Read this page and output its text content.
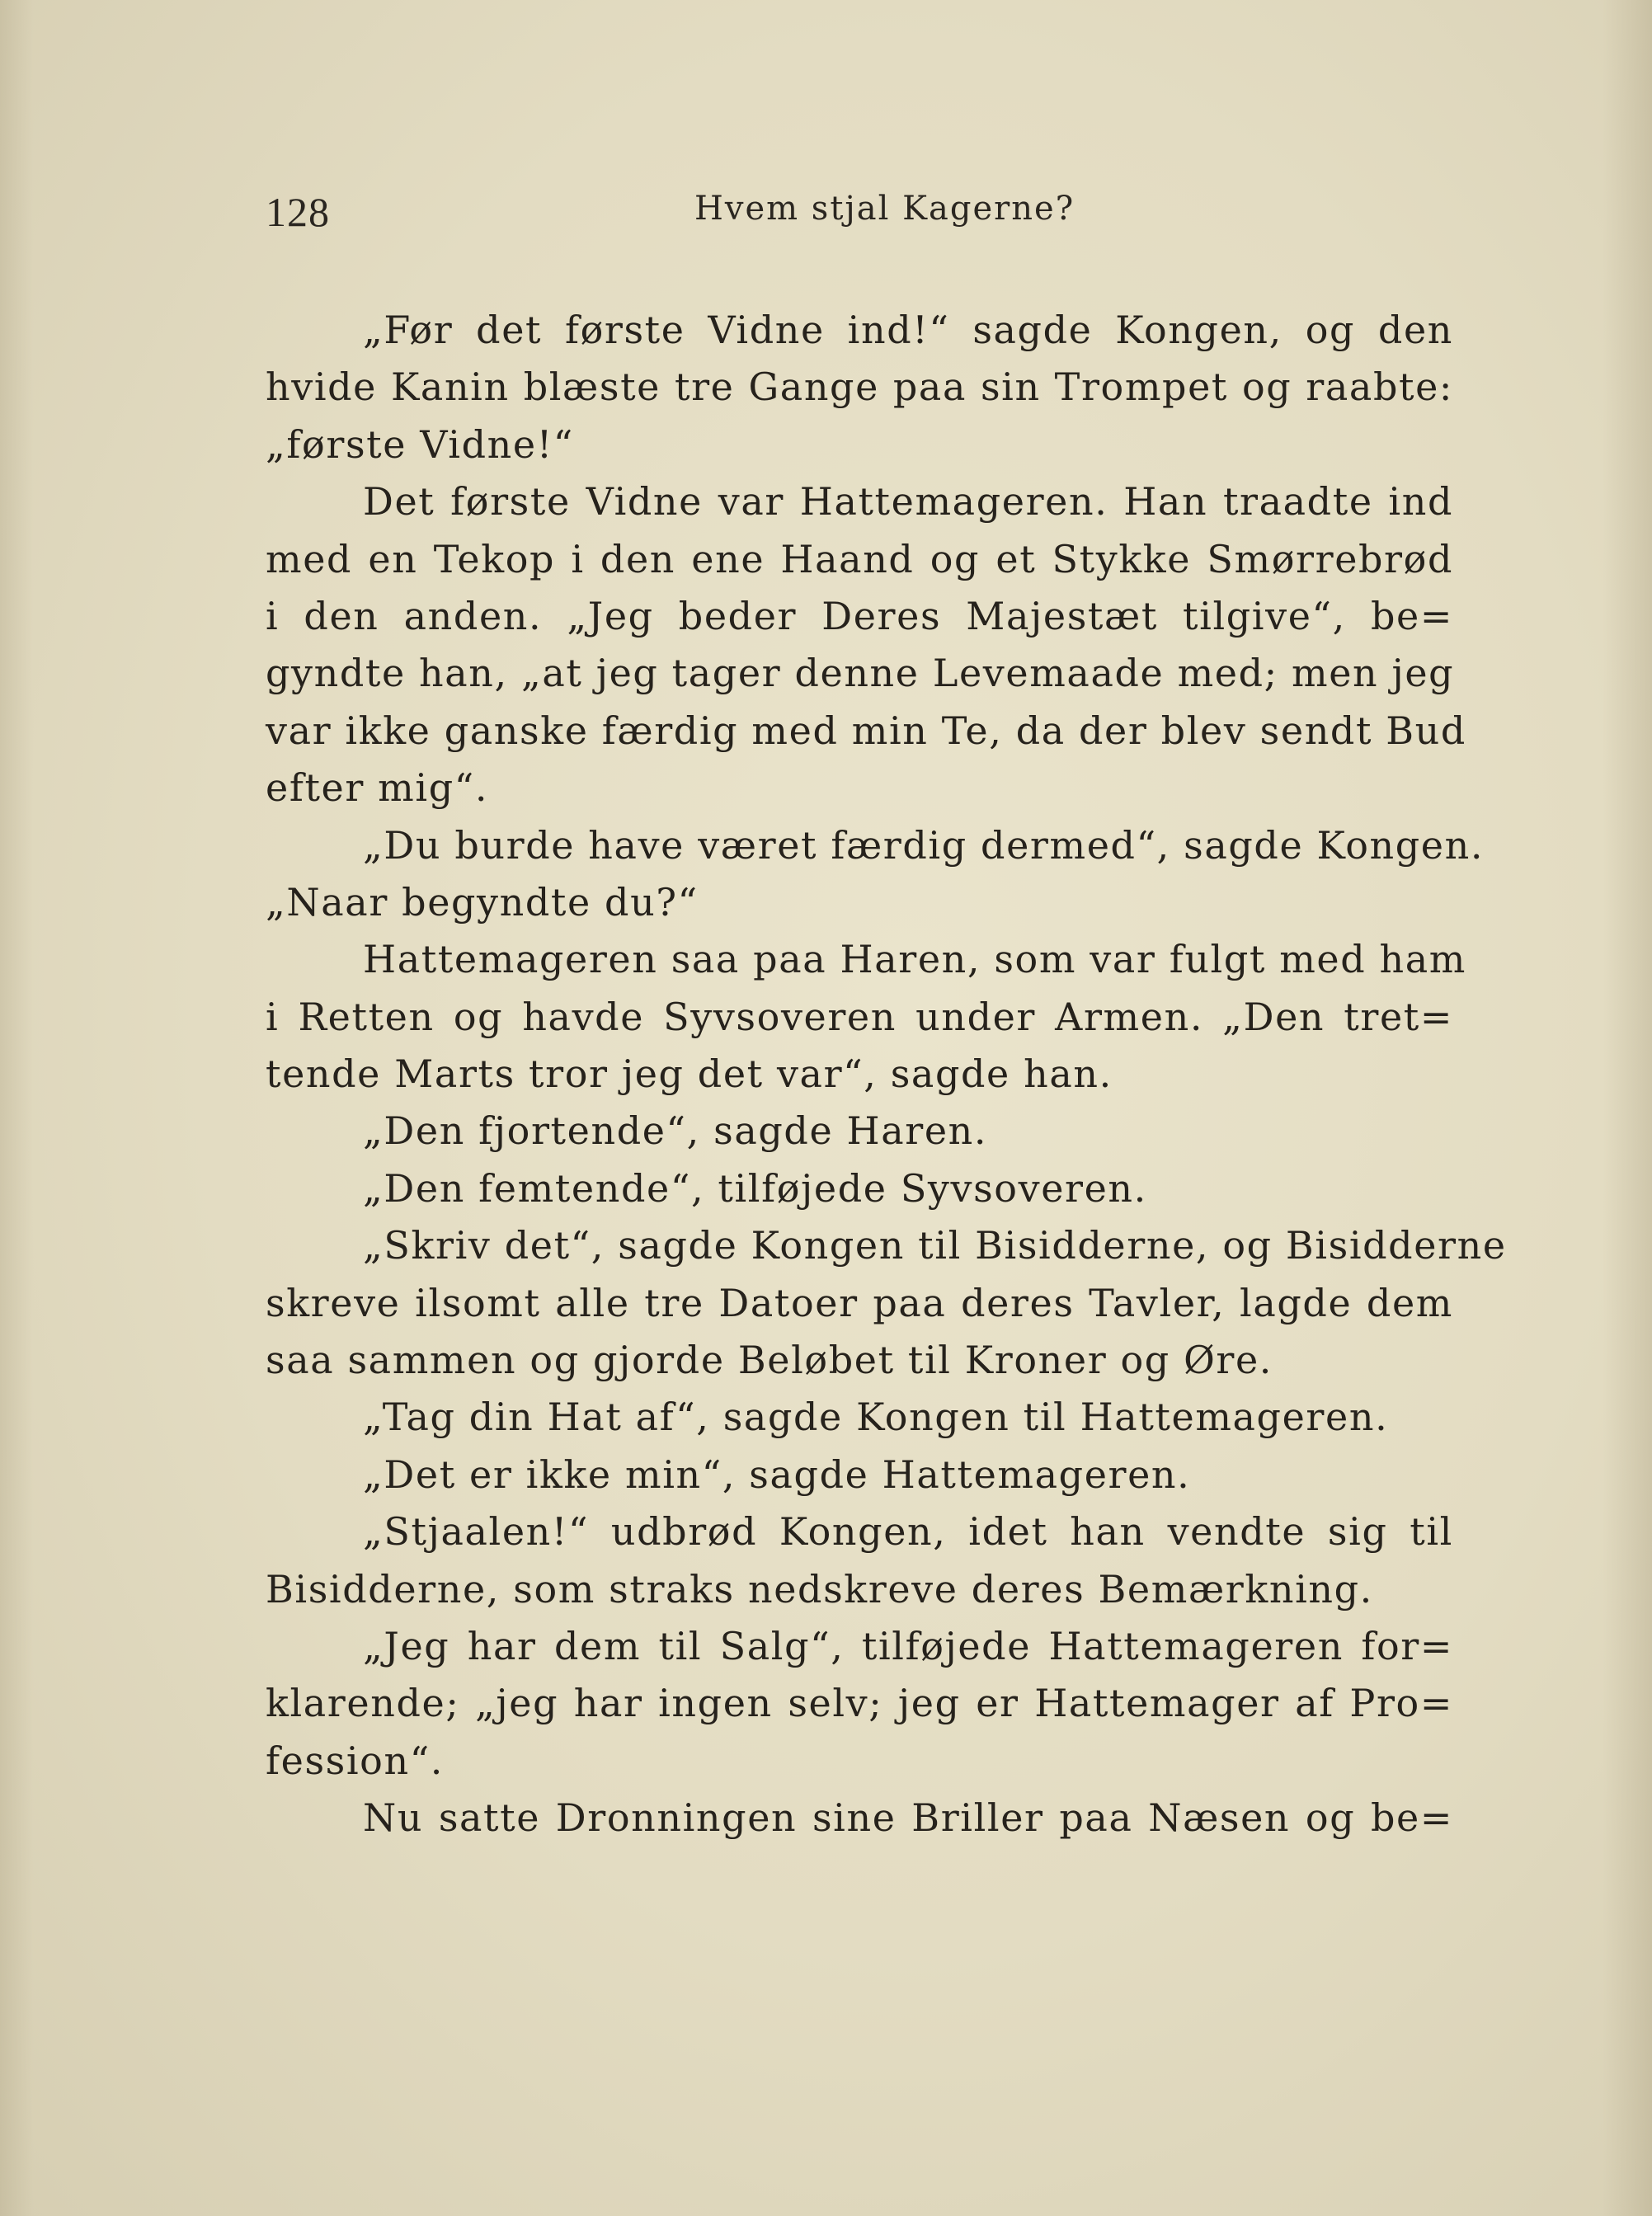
128	Hvem stjal Kagerne?
„Før det første Vidne ind!“ sagde Kongen, og den
hvide Kanin blæste tre Gange paa sin Trompet og raabte:
„første Vidne!“
Det første Vidne var Hattemageren. Han traadte ind
med en Tekop i den ene Haand og et Stykke Smørrebrød
i den anden. „Jeg beder Deres Majestæt tilgive“, be=
gyndte han, „at jeg tager denne Levemaade med; men jeg
var ikke ganske færdig med min Te, da der blev sendt Bud
efter mig“.
„Du burde have været færdig dermed“, sagde Kongen.
„Naar begyndte du?“
Hattemageren saa paa Haren, som var fulgt med ham
i Retten og havde Syvsoveren under Armen. „Den tret=
tende Marts tror jeg det var“, sagde han.
„Den fjortende“, sagde Haren.
„Den femtende“, tilføjede Syvsoveren.
„Skriv det“, sagde Kongen til Bisidderne, og Bisidderne
skreve ilsomt alle tre Datoer paa deres Tavler, lagde dem
saa sammen og gjorde Beløbet til Kroner og Øre.
„Tag din Hat af“, sagde Kongen til Hattemageren.
„Det er ikke min“, sagde Hattemageren.
„Stjaalen!“ udbrød Kongen, idet han vendte sig til
Bisidderne, som straks nedskreve deres Bemærkning.
„Jeg har dem til Salg“, tilføjede Hattemageren for=
klarende; „jeg har ingen selv; jeg er Hattemager af Pro=
fession“.
Nu satte Dronningen sine Briller paa Næsen og be=
